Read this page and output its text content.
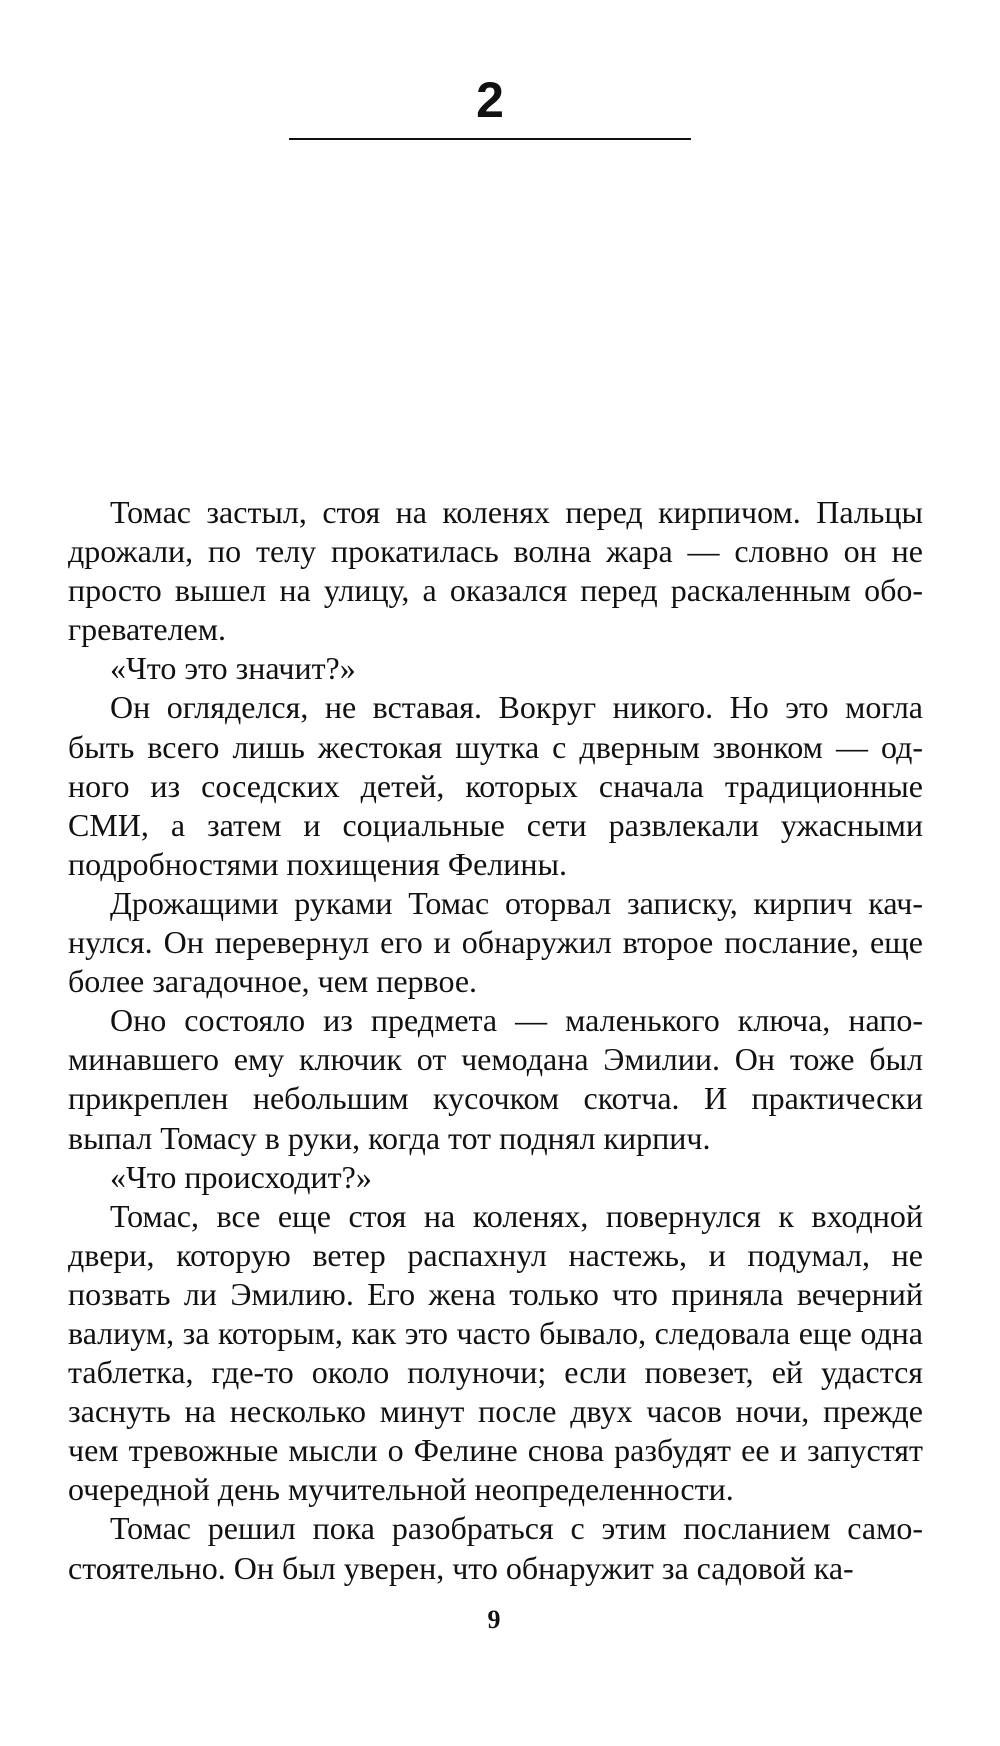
2

Томас застыл, стоя на коленях перед кирпичом. Пальцы дрожали, по телу прокатилась волна жара — словно он не просто вышел на улицу, а оказался перед раскаленным обогревателем.

«Что это значит?»

Он огляделся, не вставая. Вокруг никого. Но это могла быть всего лишь жестокая шутка с дверным звонком — одного из соседских детей, которых сначала традиционные СМИ, а затем и социальные сети развлекали ужасными подробностями похищения Фелины.

Дрожащими руками Томас оторвал записку, кирпич качнулся. Он перевернул его и обнаружил второе послание, еще более загадочное, чем первое.

Оно состояло из предмета — маленького ключа, напоминавшего ему ключик от чемодана Эмилии. Он тоже был прикреплен небольшим кусочком скотча. И практически выпал Томасу в руки, когда тот поднял кирпич.

«Что происходит?»

Томас, все еще стоя на коленях, повернулся к входной двери, которую ветер распахнул настежь, и подумал, не позвать ли Эмилию. Его жена только что приняла вечерний валиум, за которым, как это часто бывало, следовала еще одна таблетка, где-то около полуночи; если повезет, ей удастся заснуть на несколько минут после двух часов ночи, прежде чем тревожные мысли о Фелине снова разбудят ее и запустят очередной день мучительной неопределенности.

Томас решил пока разобраться с этим посланием самостоятельно. Он был уверен, что обнаружит за садовой ка-

9
